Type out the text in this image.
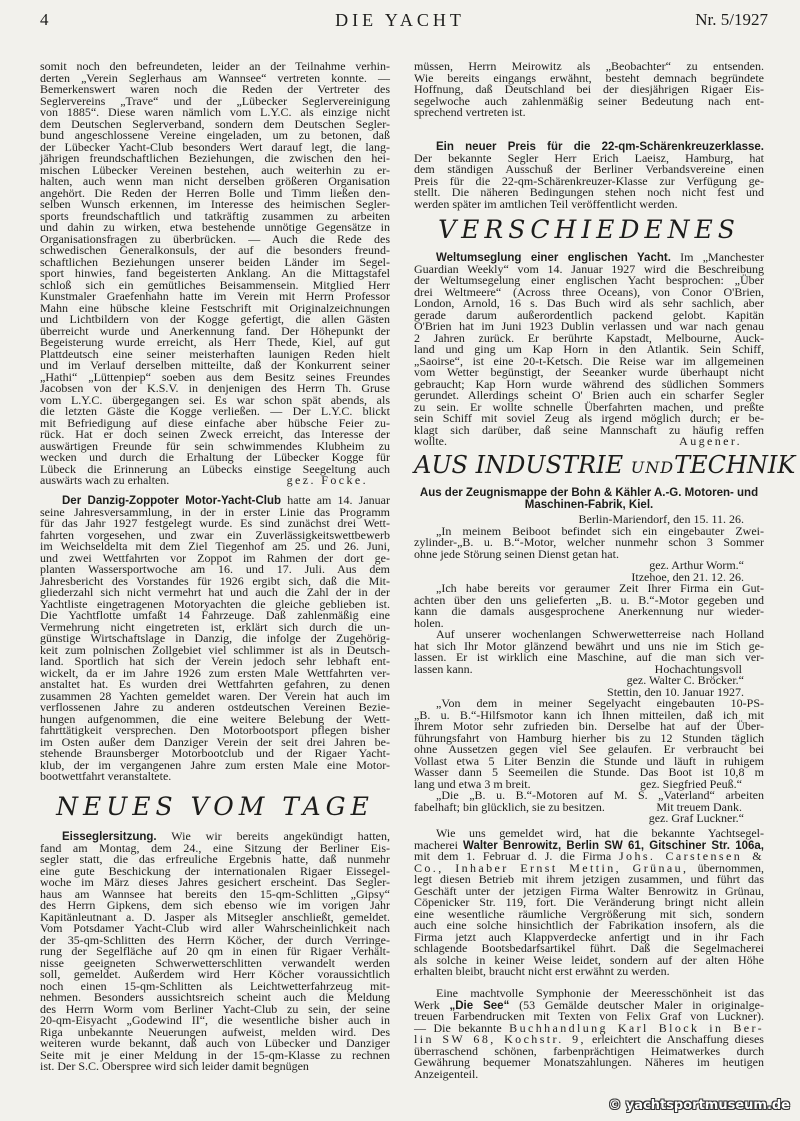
4	DIE YACHT	Nr. 5/1927
somit noch den befreundeten, leider an der Teilnahme verhin-
derten „Verein Seglerhaus am Wannsee“ vertreten konnte. —
Bemerkenswert waren noch die Reden der Vertreter des
Seglervereins „Trave“ und der „Lübecker Seglervereinigung
von 1885“. Diese waren nämlich vom L.Y.C. als einzige nicht
dem Deutschen Seglerverband, sondern dem Deutschen Segler-
bund angeschlossene Vereine eingeladen, um zu betonen, daß
der Lübecker Yacht-Club besonders Wert darauf legt, die lang-
jährigen freundschaftlichen Beziehungen, die zwischen den hei-
mischen Lübecker Vereinen bestehen, auch weiterhin zu er-
halten, auch wenn man nicht derselben größeren Organisation
angehört. Die Reden der Herren Bolle und Timm ließen den-
selben Wunsch erkennen, im Interesse des heimischen Segler-
sports freundschaftlich und tatkräftig zusammen zu arbeiten
und dahin zu wirken, etwa bestehende unnötige Gegensätze in
Organisationsfragen zu überbrücken. — Auch die Rede des
schwedischen Generalkonsuls, der auf die besonders freund-
schaftlichen Beziehungen unserer beiden Länder im Segel-
sport hinwies, fand begeisterten Anklang. An die Mittagstafel
schloß sich ein gemütliches Beisammensein. Mitglied Herr
Kunstmaler Graefenhahn hatte im Verein mit Herrn Professor
Mahn eine hübsche kleine Festschrift mit Originalzeichnungen
und Lichtbildern von der Kogge gefertigt, die allen Gästen
überreicht wurde und Anerkennung fand. Der Höhepunkt der
Begeisterung wurde erreicht, als Herr Thede, Kiel, auf gut
Plattdeutsch eine seiner meisterhaften launigen Reden hielt
und im Verlauf derselben mitteilte, daß der Konkurrent seiner
„Hathi“ „Lüttenpiep“ soeben aus dem Besitz seines Freundes
Jacobsen von der K.S.V. in denjenigen des Herrn Th. Gruse
vom L.Y.C. übergegangen sei. Es war schon spät abends, als
die letzten Gäste die Kogge verließen. — Der L.Y.C. blickt
mit Befriedigung auf diese einfache aber hübsche Feier zu-
rück. Hat er doch seinen Zweck erreicht, das Interesse der
auswärtigen Freunde für sein schwimmendes Klubheim zu
wecken und durch die Erhaltung der Lübecker Kogge für
Lübeck die Erinnerung an Lübecks einstige Seegeltung auch
auswärts wach zu erhalten.	gez. Focke.
Der Danzig-Zoppoter Motor-Yacht-Club hatte am 14. Januar
seine Jahresversammlung, in der in erster Linie das Programm
für das Jahr 1927 festgelegt wurde. Es sind zunächst drei Wett-
fahrten vorgesehen, und zwar ein Zuverlässigkeitswettbewerb
im Weichseldelta mit dem Ziel Tiegenhof am 25. und 26. Juni,
und zwei Wettfahrten vor Zoppot im Rahmen der dort ge-
planten Wassersportwoche am 16. und 17. Juli. Aus dem
Jahresbericht des Vorstandes für 1926 ergibt sich, daß die Mit-
gliederzahl sich nicht vermehrt hat und auch die Zahl der in der
Yachtliste eingetragenen Motoryachten die gleiche geblieben ist.
Die Yachtflotte umfaßt 14 Fahrzeuge. Daß zahlenmäßig eine
Vermehrung nicht eingetreten ist, erklärt sich durch die un-
günstige Wirtschaftslage in Danzig, die infolge der Zugehörig-
keit zum polnischen Zollgebiet viel schlimmer ist als in Deutsch-
land. Sportlich hat sich der Verein jedoch sehr lebhaft ent-
wickelt, da er im Jahre 1926 zum ersten Male Wettfahrten ver-
anstaltet hat. Es wurden drei Wettfahrten gefahren, zu denen
zusammen 28 Yachten gemeldet waren. Der Verein hat auch im
verflossenen Jahre zu anderen ostdeutschen Vereinen Bezie-
hungen aufgenommen, die eine weitere Belebung der Wett-
fahrttätigkeit versprechen. Den Motorbootsport pflegen bisher
im Osten außer dem Danziger Verein der seit drei Jahren be-
stehende Braunsberger Motorbootclub und der Rigaer Yacht-
klub, der im vergangenen Jahre zum ersten Male eine Motor-
bootwettfahrt veranstaltete.
NEUES VOM TAGE
Eisseglersitzung. Wie wir bereits angekündigt hatten,
fand am Montag, dem 24., eine Sitzung der Berliner Eis-
segler statt, die das erfreuliche Ergebnis hatte, daß nunmehr
eine gute Beschickung der internationalen Rigaer Eissegel-
woche im März dieses Jahres gesichert erscheint. Das Segler-
haus am Wannsee hat bereits den 15-qm-Schlitten „Gipsy“
des Herrn Gipkens, dem sich ebenso wie im vorigen Jahr
Kapitänleutnant a. D. Jasper als Mitsegler anschließt, gemeldet.
Vom Potsdamer Yacht-Club wird aller Wahrscheinlichkeit nach
der 35-qm-Schlitten des Herrn Köcher, der durch Verringe-
rung der Segelfläche auf 20 qm in einen für Rigaer Verhält-
nisse geeigneten Schwerwetterschlitten verwandelt werden
soll, gemeldet. Außerdem wird Herr Köcher voraussichtlich
noch einen 15-qm-Schlitten als Leichtwetterfahrzeug mit-
nehmen. Besonders aussichtsreich scheint auch die Meldung
des Herrn Worm vom Berliner Yacht-Club zu sein, der seine
20-qm-Eisyacht „Godewind II“, die wesentliche bisher auch in
Riga unbekannte Neuerungen aufweist, melden wird. Des
weiteren wurde bekannt, daß auch von Lübecker und Danziger
Seite mit je einer Meldung in der 15-qm-Klasse zu rechnen
ist. Der S.C. Oberspree wird sich leider damit begnügen
müssen, Herrn Meirowitz als „Beobachter“ zu entsenden.
Wie bereits eingangs erwähnt, besteht demnach begründete
Hoffnung, daß Deutschland bei der diesjährigen Rigaer Eis-
segelwoche auch zahlenmäßig seiner Bedeutung nach ent-
sprechend vertreten ist.
Ein neuer Preis für die 22-qm-Schärenkreuzerklasse.
Der bekannte Segler Herr Erich Laeisz, Hamburg, hat
dem ständigen Ausschuß der Berliner Verbandsvereine einen
Preis für die 22-qm-Schärenkreuzer-Klasse zur Verfügung ge-
stellt. Die näheren Bedingungen stehen noch nicht fest und
werden später im amtlichen Teil veröffentlicht werden.
VERSCHIEDENES
Weltumseglung einer englischen Yacht. Im „Manchester
Guardian Weekly“ vom 14. Januar 1927 wird die Beschreibung
der Weltumsegelung einer englischen Yacht besprochen: „Über
drei Weltmeere“ (Across three Oceans), von Conor O'Brien,
London, Arnold, 16 s. Das Buch wird als sehr sachlich, aber
gerade darum außerordentlich packend gelobt. Kapitän
O'Brien hat im Juni 1923 Dublin verlassen und war nach genau
2 Jahren zurück. Er berührte Kapstadt, Melbourne, Auck-
land und ging um Kap Horn in den Atlantik. Sein Schiff,
„Saoirse“, ist eine 20-t-Ketsch. Die Reise war im allgemeinen
vom Wetter begünstigt, der Seeanker wurde überhaupt nicht
gebraucht; Kap Horn wurde während des südlichen Sommers
gerundet. Allerdings scheint O' Brien auch ein scharfer Segler
zu sein. Er wollte schnelle Überfahrten machen, und preßte
sein Schiff mit soviel Zeug als irgend möglich durch; er be-
klagt sich darüber, daß seine Mannschaft zu häufig reffen
wollte.	Augener.
AUS INDUSTRIE UNDTECHNIK
Aus der Zeugnismappe der Bohn & Kähler A.-G. Motoren- und
Maschinen-Fabrik, Kiel.
Berlin-Mariendorf, den 15. 11. 26.
„In meinem Beiboot befindet sich ein eingebauter Zwei-
zylinder-„B. u. B.“-Motor, welcher nunmehr schon 3 Sommer
ohne jede Störung seinen Dienst getan hat.
gez. Arthur Worm.“
Itzehoe, den 21. 12. 26.
„Ich habe bereits vor geraumer Zeit Ihrer Firma ein Gut-
achten über den uns gelieferten „B. u. B.“-Motor gegeben und
kann die damals ausgesprochene Anerkennung nur wieder-
holen.
Auf unserer wochenlangen Schwerwetterreise nach Holland
hat sich Ihr Motor glänzend bewährt und uns nie im Stich ge-
lassen. Er ist wirklich eine Maschine, auf die man sich ver-
lassen kann.	Hochachtungsvoll
gez. Walter C. Bröcker.“
Stettin, den 10. Januar 1927.
„Von dem in meiner Segelyacht eingebauten 10-PS-
„B. u. B.“-Hilfsmotor kann ich Ihnen mitteilen, daß ich mit
Ihrem Motor sehr zufrieden bin. Derselbe hat auf der Über-
führungsfahrt von Hamburg hierher bis zu 12 Stunden täglich
ohne Aussetzen gegen viel See gelaufen. Er verbraucht bei
Vollast etwa 5 Liter Benzin die Stunde und läuft in ruhigem
Wasser dann 5 Seemeilen die Stunde. Das Boot ist 10,8 m
lang und etwa 3 m breit.	gez. Siegfried Peuß.“
„Die „B. u. B.“-Motoren auf M. S. „Vaterland“ arbeiten
fabelhaft; bin glücklich, sie zu besitzen.	Mit treuem Dank.
gez. Graf Luckner.“
Wie uns gemeldet wird, hat die bekannte Yachtsegel-
macherei Walter Benrowitz, Berlin SW 61, Gitschiner Str. 106a,
mit dem 1. Februar d. J. die Firma Johs. Carstensen &
Co., Inhaber Ernst Mettin, Grünau, übernommen,
legt diesen Betrieb mit ihrem jetzigen zusammen, und führt das
Geschäft unter der jetzigen Firma Walter Benrowitz in Grünau,
Cöpenicker Str. 119, fort. Die Veränderung bringt nicht allein
eine wesentliche räumliche Vergrößerung mit sich, sondern
auch eine solche hinsichtlich der Fabrikation insofern, als die
Firma jetzt auch Klappverdecke anfertigt und in ihr Fach
schlagende Bootsbedarfsartikel führt. Daß die Segelmacherei
als solche in keiner Weise leidet, sondern auf der alten Höhe
erhalten bleibt, braucht nicht erst erwähnt zu werden.
Eine machtvolle Symphonie der Meeresschönheit ist das
Werk „Die See“ (53 Gemälde deutscher Maler in originalge-
treuen Farbendrucken mit Texten von Felix Graf von Luckner).
— Die bekannte Buchhandlung Karl Block in Ber-
lin SW 68, Kochstr. 9, erleichtert die Anschaffung dieses
überraschend schönen, farbenprächtigen Heimatwerkes durch
Gewährung bequemer Monatszahlungen. Näheres im heutigen
Anzeigenteil.
© yachtsportmuseum.de
